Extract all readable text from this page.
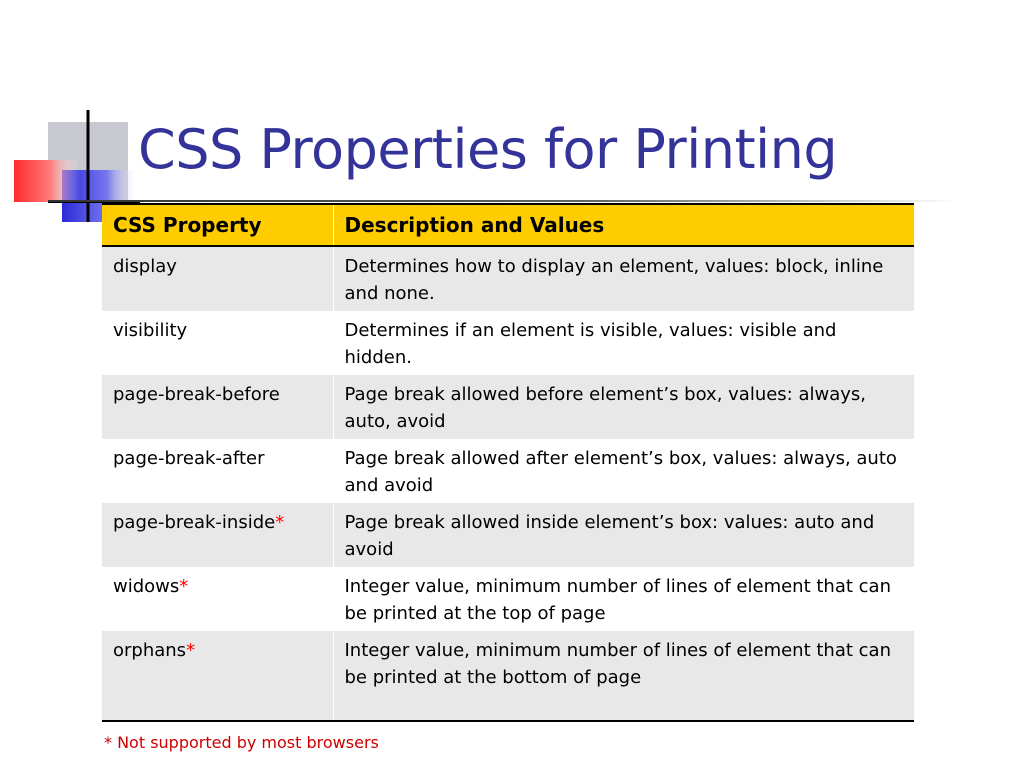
CSS Properties for Printing
CSS Property	Description and Values
display	Determines how to display an element, values: block, inline and none.
visibility	Determines if an element is visible, values: visible and hidden.
page-break-before	Page break allowed before element’s box, values: always, auto, avoid
page-break-after	Page break allowed after element’s box, values: always, auto and avoid
page-break-inside*	Page break allowed inside element’s box: values: auto and avoid
widows*	Integer value, minimum number of lines of element that can be printed at the top of page
orphans*	Integer value, minimum number of lines of element that can be printed at the bottom of page

* Not supported by most browsers
